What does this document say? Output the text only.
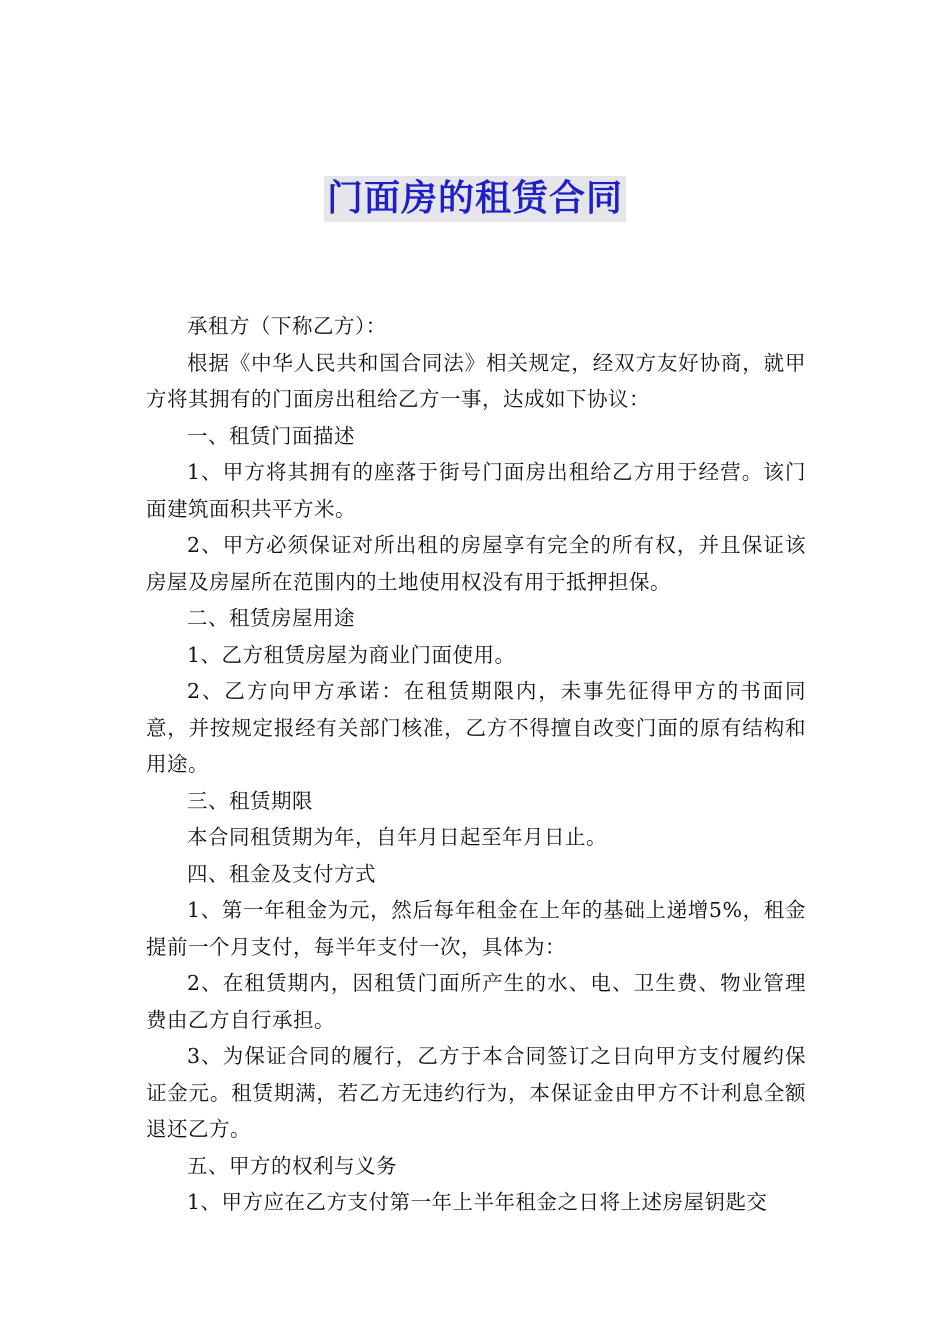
门面房的租赁合同

承租方（下称乙方）：

根据《中华人民共和国合同法》相关规定，经双方友好协商，就甲方将其拥有的门面房出租给乙方一事，达成如下协议：

一、租赁门面描述

1、甲方将其拥有的座落于街号门面房出租给乙方用于经营。该门面建筑面积共平方米。

2、甲方必须保证对所出租的房屋享有完全的所有权，并且保证该房屋及房屋所在范围内的土地使用权没有用于抵押担保。

二、租赁房屋用途

1、乙方租赁房屋为商业门面使用。

2、乙方向甲方承诺：在租赁期限内，未事先征得甲方的书面同意，并按规定报经有关部门核准，乙方不得擅自改变门面的原有结构和用途。

三、租赁期限

本合同租赁期为年，自年月日起至年月日止。

四、租金及支付方式

1、第一年租金为元，然后每年租金在上年的基础上递增5%，租金提前一个月支付，每半年支付一次，具体为：

2、在租赁期内，因租赁门面所产生的水、电、卫生费、物业管理费由乙方自行承担。

3、为保证合同的履行，乙方于本合同签订之日向甲方支付履约保证金元。租赁期满，若乙方无违约行为，本保证金由甲方不计利息全额退还乙方。

五、甲方的权利与义务

1、甲方应在乙方支付第一年上半年租金之日将上述房屋钥匙交
